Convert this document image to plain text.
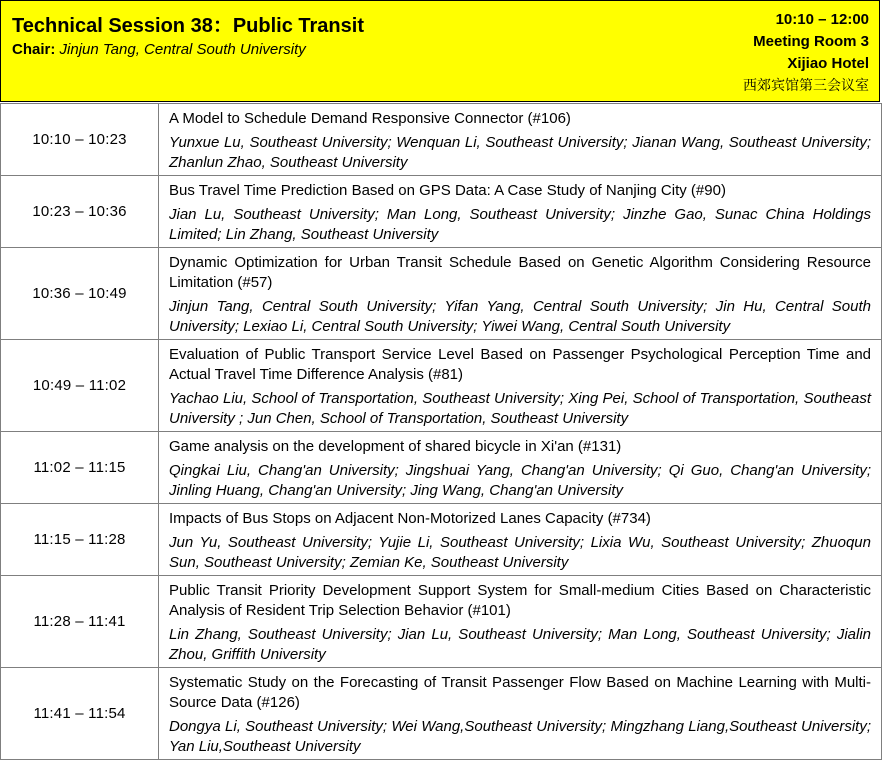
Technical Session 38：Public Transit
Chair: Jinjun Tang, Central South University
10:10 – 12:00
Meeting Room 3
Xijiao Hotel
西郊宾馆第三会议室
10:10 – 10:23	A Model to Schedule Demand Responsive Connector (#106)
Yunxue Lu, Southeast University; Wenquan Li, Southeast University; Jianan Wang, Southeast University; Zhanlun Zhao, Southeast University

10:23 – 10:36	Bus Travel Time Prediction Based on GPS Data: A Case Study of Nanjing City (#90)
Jian Lu, Southeast University; Man Long, Southeast University; Jinzhe Gao, Sunac China Holdings Limited; Lin Zhang, Southeast University

10:36 – 10:49	Dynamic Optimization for Urban Transit Schedule Based on Genetic Algorithm Considering Resource Limitation (#57)
Jinjun Tang, Central South University; Yifan Yang, Central South University; Jin Hu, Central South University; Lexiao Li, Central South University; Yiwei Wang, Central South University

10:49 – 11:02	Evaluation of Public Transport Service Level Based on Passenger Psychological Perception Time and Actual Travel Time Difference Analysis (#81)
Yachao Liu, School of Transportation, Southeast University; Xing Pei, School of Transportation, Southeast University ; Jun Chen, School of Transportation, Southeast University

11:02 – 11:15	Game analysis on the development of shared bicycle in Xi'an (#131)
Qingkai Liu, Chang'an University; Jingshuai Yang, Chang'an University; Qi Guo, Chang'an University; Jinling Huang, Chang'an University; Jing Wang, Chang'an University

11:15 – 11:28	Impacts of Bus Stops on Adjacent Non-Motorized Lanes Capacity (#734)
Jun Yu, Southeast University; Yujie Li, Southeast University; Lixia Wu, Southeast University; Zhuoqun Sun, Southeast University; Zemian Ke, Southeast University

11:28 – 11:41	Public Transit Priority Development Support System for Small-medium Cities Based on Characteristic Analysis of Resident Trip Selection Behavior (#101)
Lin Zhang, Southeast University; Jian Lu, Southeast University; Man Long, Southeast University; Jialin Zhou, Griffith University

11:41 – 11:54	Systematic Study on the Forecasting of Transit Passenger Flow Based on Machine Learning with Multi-Source Data (#126)
Dongya Li, Southeast University; Wei Wang,Southeast University; Mingzhang Liang,Southeast University; Yan Liu,Southeast University
